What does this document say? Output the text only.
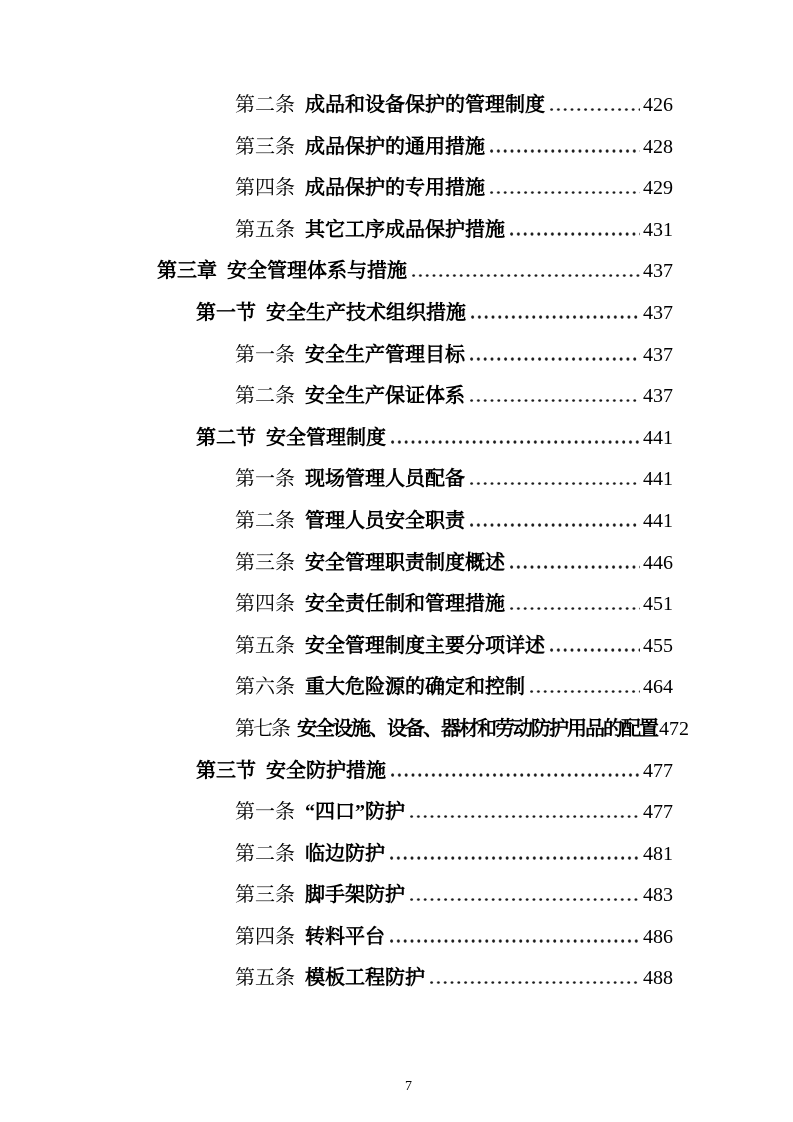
第二条 成品和设备保护的管理制度	426
第三条 成品保护的通用措施	428
第四条 成品保护的专用措施	429
第五条 其它工序成品保护措施	431
第三章 安全管理体系与措施	437
第一节 安全生产技术组织措施	437
第一条 安全生产管理目标	437
第二条 安全生产保证体系	437
第二节 安全管理制度	441
第一条 现场管理人员配备	441
第二条 管理人员安全职责	441
第三条 安全管理职责制度概述	446
第四条 安全责任制和管理措施	451
第五条 安全管理制度主要分项详述	455
第六条 重大危险源的确定和控制	464
第七条 安全设施、设备、器材和劳动防护用品的配置 472
第三节 安全防护措施	477
第一条 “四口”防护	477
第二条 临边防护	481
第三条 脚手架防护	483
第四条 转料平台	486
第五条 模板工程防护	488
7
